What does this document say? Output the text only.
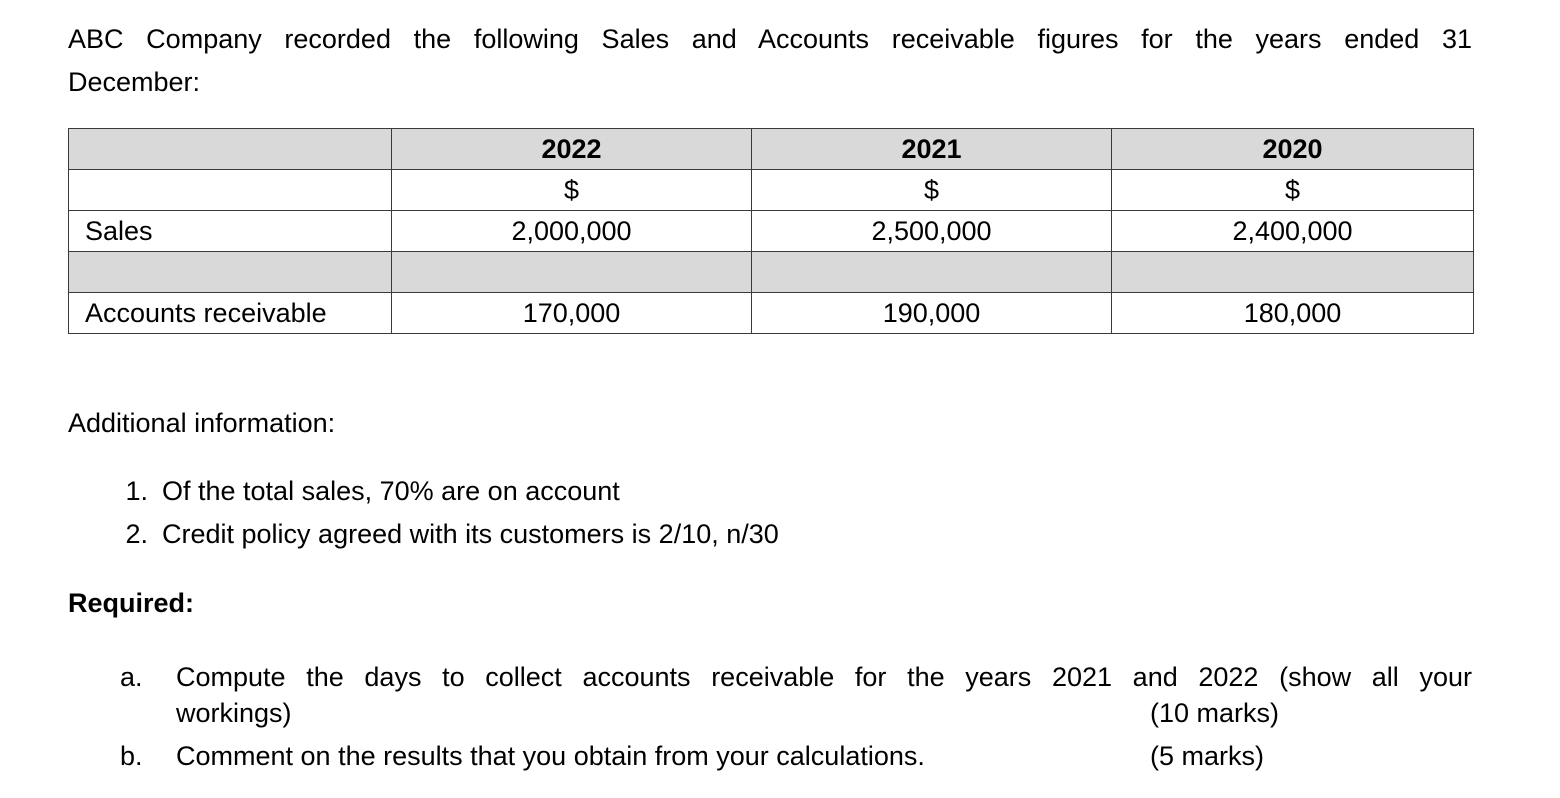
ABC Company recorded the following Sales and Accounts receivable figures for the years ended 31
December:
	2022	2021	2020
	$	$	$
Sales	2,000,000	2,500,000	2,400,000

Accounts receivable	170,000	190,000	180,000
Additional information:
1. Of the total sales, 70% are on account
2. Credit policy agreed with its customers is 2/10, n/30
Required:
a. Compute the days to collect accounts receivable for the years 2021 and 2022 (show all your
workings)	(10 marks)
b. Comment on the results that you obtain from your calculations.	(5 marks)
